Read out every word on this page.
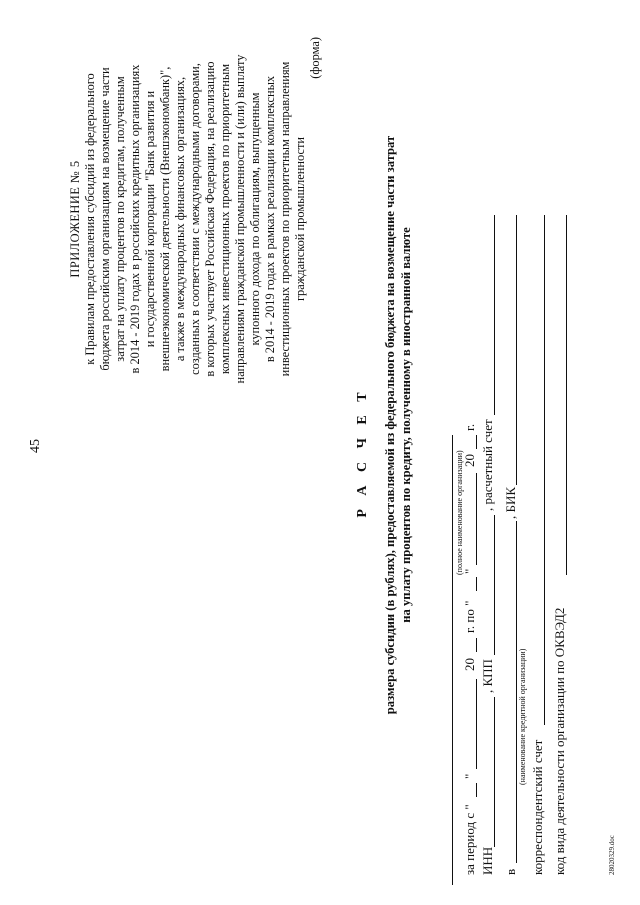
45
ПРИЛОЖЕНИЕ № 5 к Правилам предоставления субсидий из федерального бюджета российским организациям на возмещение части затрат на уплату процентов по кредитам, полученным в 2014 - 2019 годах в российских кредитных организациях и государственной корпорации "Банк развития и внешнеэкономической деятельности (Внешэкономбанк)", а также в международных финансовых организациях, созданных в соответствии с международными договорами, в которых участвует Российская Федерация, на реализацию комплексных инвестиционных проектов по приоритетным направлениям гражданской промышленности и (или) выплату купонного дохода по облигациям, выпущенным в 2014 - 2019 годах в рамках реализации комплексных инвестиционных проектов по приоритетным направлениям гражданской промышленности
(форма)
Р А С Ч Е Т размера субсидии (в рублях), предоставляемой из федерального бюджета на возмещение части затрат на уплату процентов по кредиту, полученному в иностранной валюте	(полное наименование организации)
за период с "
"
20
г. по "
"
20
г.
ИНН
, КПП
, расчетный счет
в
, БИК
(наименование кредитной организации)
корреспондентский счет код вида деятельности организации по ОКВЭД2	28020329.doc
